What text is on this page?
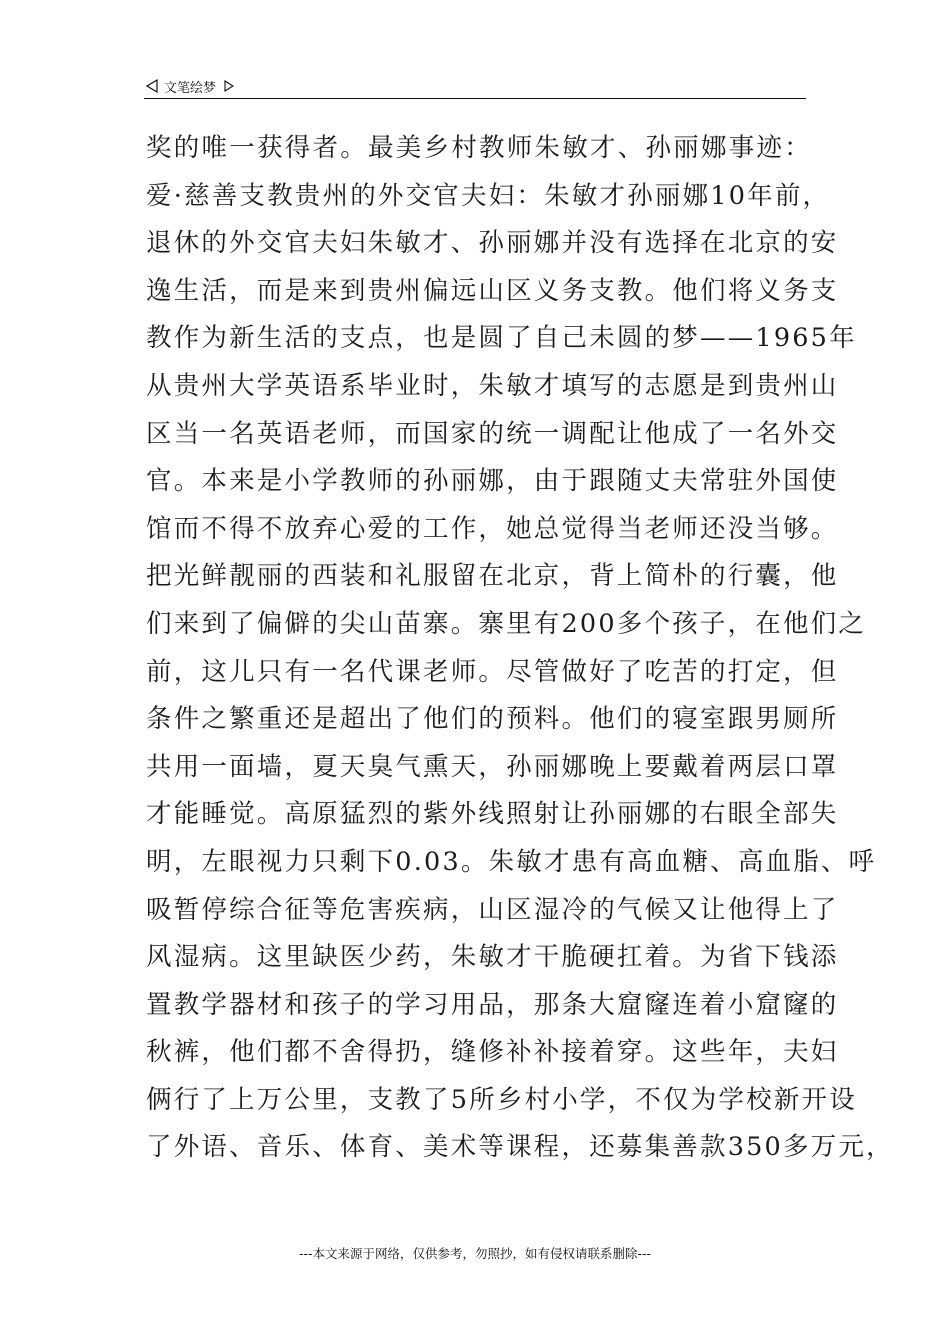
文笔绘梦
奖的唯一获得者。最美乡村教师朱敏才、孙丽娜事迹：
爱·慈善支教贵州的外交官夫妇：朱敏才孙丽娜10年前，
退休的外交官夫妇朱敏才、孙丽娜并没有选择在北京的安
逸生活，而是来到贵州偏远山区义务支教。他们将义务支
教作为新生活的支点，也是圆了自己未圆的梦——1965年
从贵州大学英语系毕业时，朱敏才填写的志愿是到贵州山
区当一名英语老师，而国家的统一调配让他成了一名外交
官。本来是小学教师的孙丽娜，由于跟随丈夫常驻外国使
馆而不得不放弃心爱的工作，她总觉得当老师还没当够。
把光鲜靓丽的西装和礼服留在北京，背上简朴的行囊，他
们来到了偏僻的尖山苗寨。寨里有200多个孩子，在他们之
前，这儿只有一名代课老师。尽管做好了吃苦的打定，但
条件之繁重还是超出了他们的预料。他们的寝室跟男厕所
共用一面墙，夏天臭气熏天，孙丽娜晚上要戴着两层口罩
才能睡觉。高原猛烈的紫外线照射让孙丽娜的右眼全部失
明，左眼视力只剩下0.03。朱敏才患有高血糖、高血脂、呼
吸暂停综合征等危害疾病，山区湿冷的气候又让他得上了
风湿病。这里缺医少药，朱敏才干脆硬扛着。为省下钱添
置教学器材和孩子的学习用品，那条大窟窿连着小窟窿的
秋裤，他们都不舍得扔，缝修补补接着穿。这些年，夫妇
俩行了上万公里，支教了5所乡村小学，不仅为学校新开设
了外语、音乐、体育、美术等课程，还募集善款350多万元，
---本文来源于网络，仅供参考，勿照抄，如有侵权请联系删除---
